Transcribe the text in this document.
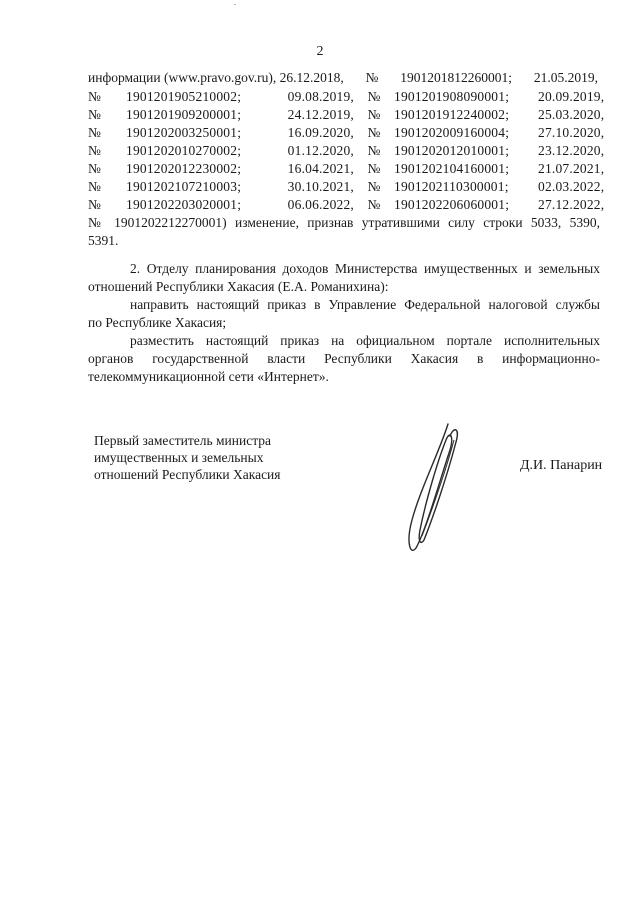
2
информации (www.pravo.gov.ru), 26.12.2018, № 1901201812260001; 21.05.2019,
№	1901201905210002;	09.08.2019, № 1901201908090001;	20.09.2019,
№	1901201909200001;	24.12.2019, № 1901201912240002;	25.03.2020,
№	1901202003250001;	16.09.2020, № 1901202009160004;	27.10.2020,
№	1901202010270002;	01.12.2020, № 1901202012010001;	23.12.2020,
№	1901202012230002;	16.04.2021, № 1901202104160001;	21.07.2021,
№	1901202107210003;	30.10.2021, № 1901202110300001;	02.03.2022,
№	1901202203020001;	06.06.2022, № 1901202206060001;	27.12.2022,
№ 1901202212270001) изменение, признав утратившими силу строки 5033, 5390,
5391.
2. Отделу планирования доходов Министерства имущественных и земельных
отношений Республики Хакасия (Е.А. Романихина):
направить настоящий приказ в Управление Федеральной налоговой службы
по Республике Хакасия;
разместить настоящий приказ на официальном портале исполнительных
органов государственной власти Республики Хакасия в информационно-
телекоммуникационной сети «Интернет».
Первый заместитель министра
имущественных и земельных
отношений Республики Хакасия
Д.И. Панарин
